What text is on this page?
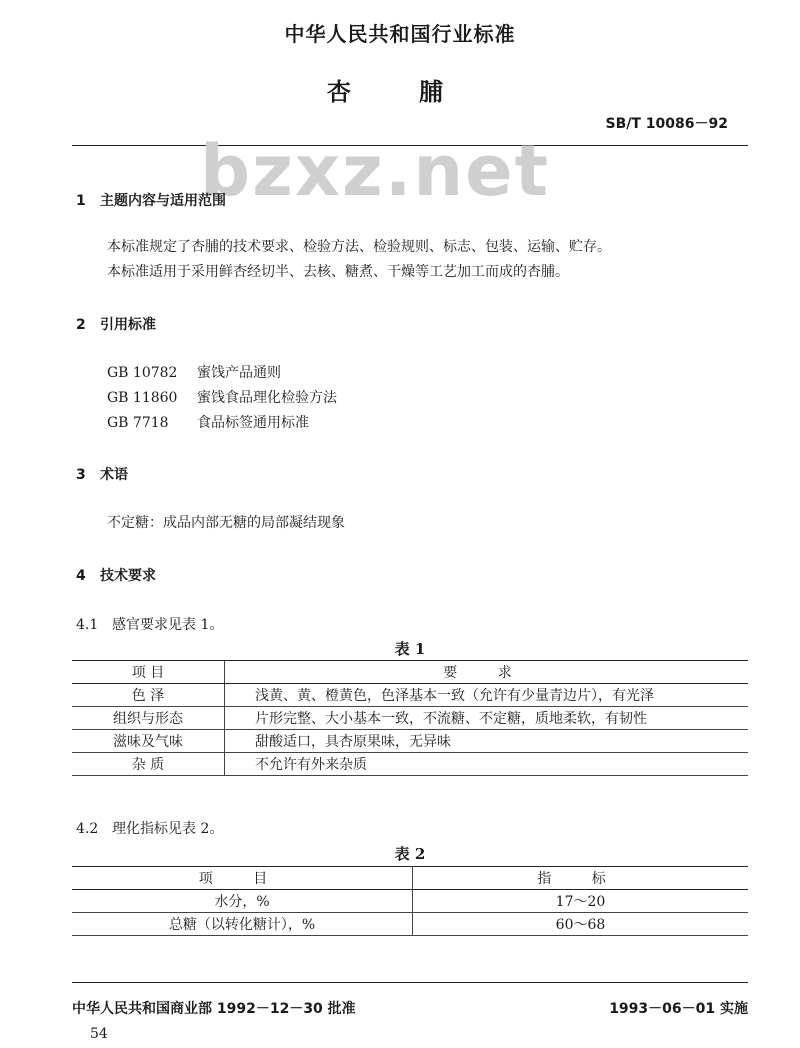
中华人民共和国行业标准
杏 脯
SB/T 10086－92
bzxz.net
1 主题内容与适用范围
本标准规定了杏脯的技术要求、检验方法、检验规则、标志、包装、运输、贮存。
本标准适用于采用鲜杏经切半、去核、糖煮、干燥等工艺加工而成的杏脯。
2 引用标准
GB 10782 蜜饯产品通则
GB 11860 蜜饯食品理化检验方法
GB 7718 食品标签通用标准
3 术语
不定糖：成品内部无糖的局部凝结现象
4 技术要求
4.1 感官要求见表 1。
表 1
项 目	要 求
色 泽	浅黄、黄、橙黄色，色泽基本一致（允许有少量青边片），有光泽
组织与形态	片形完整、大小基本一致，不流糖、不定糖，质地柔软，有韧性
滋味及气味	甜酸适口，具杏原果味，无异味
杂 质	不允许有外来杂质
4.2 理化指标见表 2。
表 2
项 目	指 标
水分，%	17～20
总糖（以转化糖计），%	60～68
中华人民共和国商业部 1992－12－30 批准	1993－06－01 实施
54
